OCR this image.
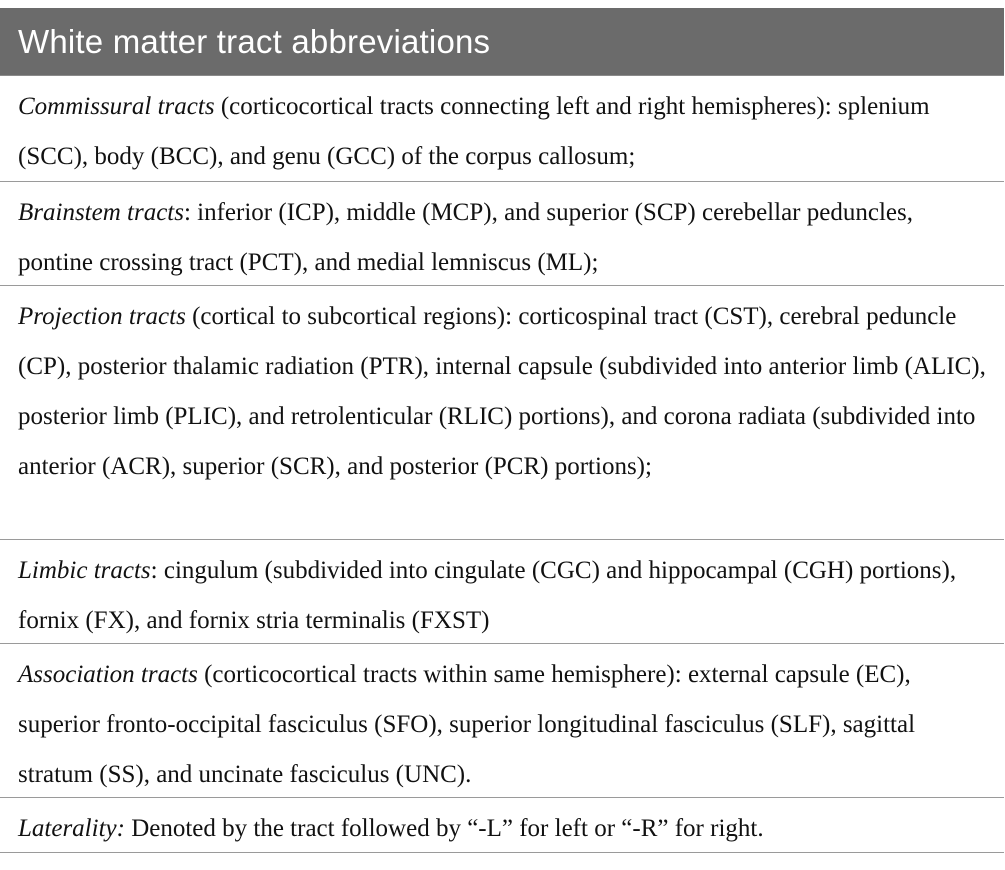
White matter tract abbreviations
Commissural tracts (corticocortical tracts connecting left and right hemispheres): splenium (SCC), body (BCC), and genu (GCC) of the corpus callosum;
Brainstem tracts: inferior (ICP), middle (MCP), and superior (SCP) cerebellar peduncles, pontine crossing tract (PCT), and medial lemniscus (ML);
Projection tracts (cortical to subcortical regions): corticospinal tract (CST), cerebral peduncle (CP), posterior thalamic radiation (PTR), internal capsule (subdivided into anterior limb (ALIC), posterior limb (PLIC), and retrolenticular (RLIC) portions), and corona radiata (subdivided into anterior (ACR), superior (SCR), and posterior (PCR) portions);
Limbic tracts: cingulum (subdivided into cingulate (CGC) and hippocampal (CGH) portions), fornix (FX), and fornix stria terminalis (FXST)
Association tracts (corticocortical tracts within same hemisphere): external capsule (EC), superior fronto-occipital fasciculus (SFO), superior longitudinal fasciculus (SLF), sagittal stratum (SS), and uncinate fasciculus (UNC).
Laterality: Denoted by the tract followed by “-L” for left or “-R” for right.
